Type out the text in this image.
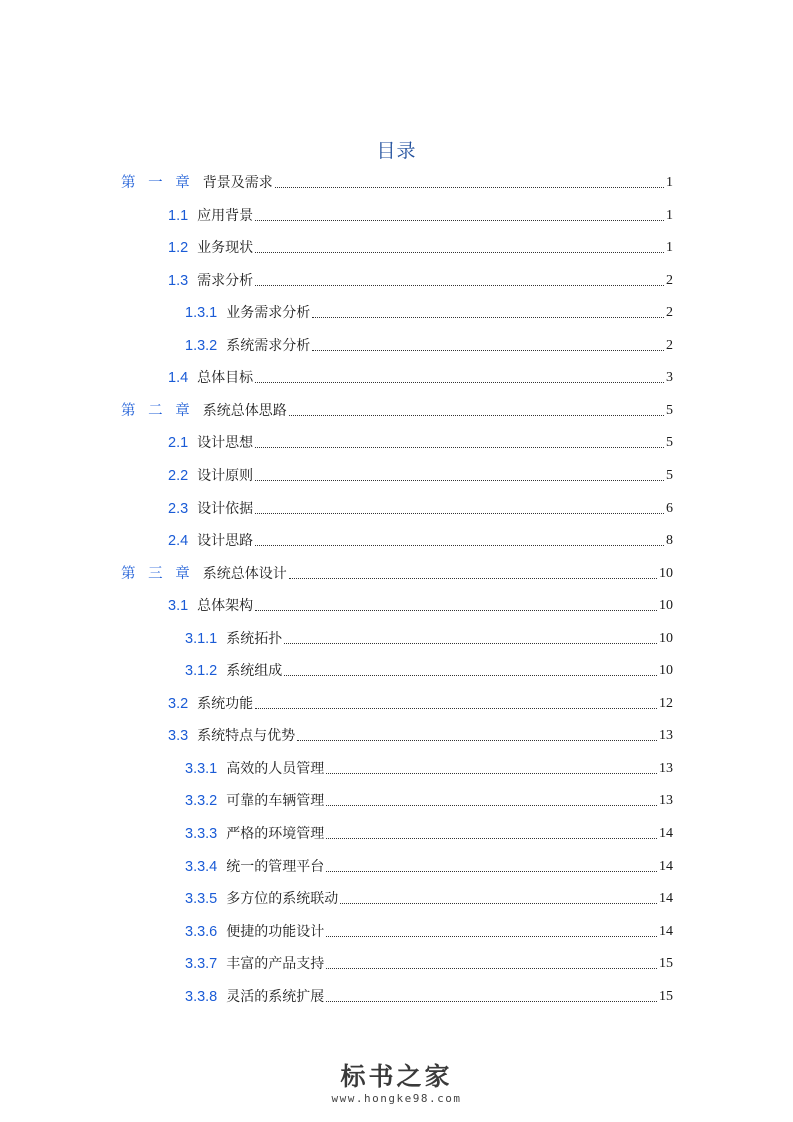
目录
第 一 章 背景及需求	1
1.1 应用背景	1
1.2 业务现状	1
1.3 需求分析	2
1.3.1 业务需求分析	2
1.3.2 系统需求分析	2
1.4 总体目标	3
第 二 章 系统总体思路	5
2.1 设计思想	5
2.2 设计原则	5
2.3 设计依据	6
2.4 设计思路	8
第 三 章 系统总体设计	10
3.1 总体架构	10
3.1.1 系统拓扑	10
3.1.2 系统组成	10
3.2 系统功能	12
3.3 系统特点与优势	13
3.3.1 高效的人员管理	13
3.3.2 可靠的车辆管理	13
3.3.3 严格的环境管理	14
3.3.4 统一的管理平台	14
3.3.5 多方位的系统联动	14
3.3.6 便捷的功能设计	14
3.3.7 丰富的产品支持	15
3.3.8 灵活的系统扩展	15
标书之家
www.hongke98.com
